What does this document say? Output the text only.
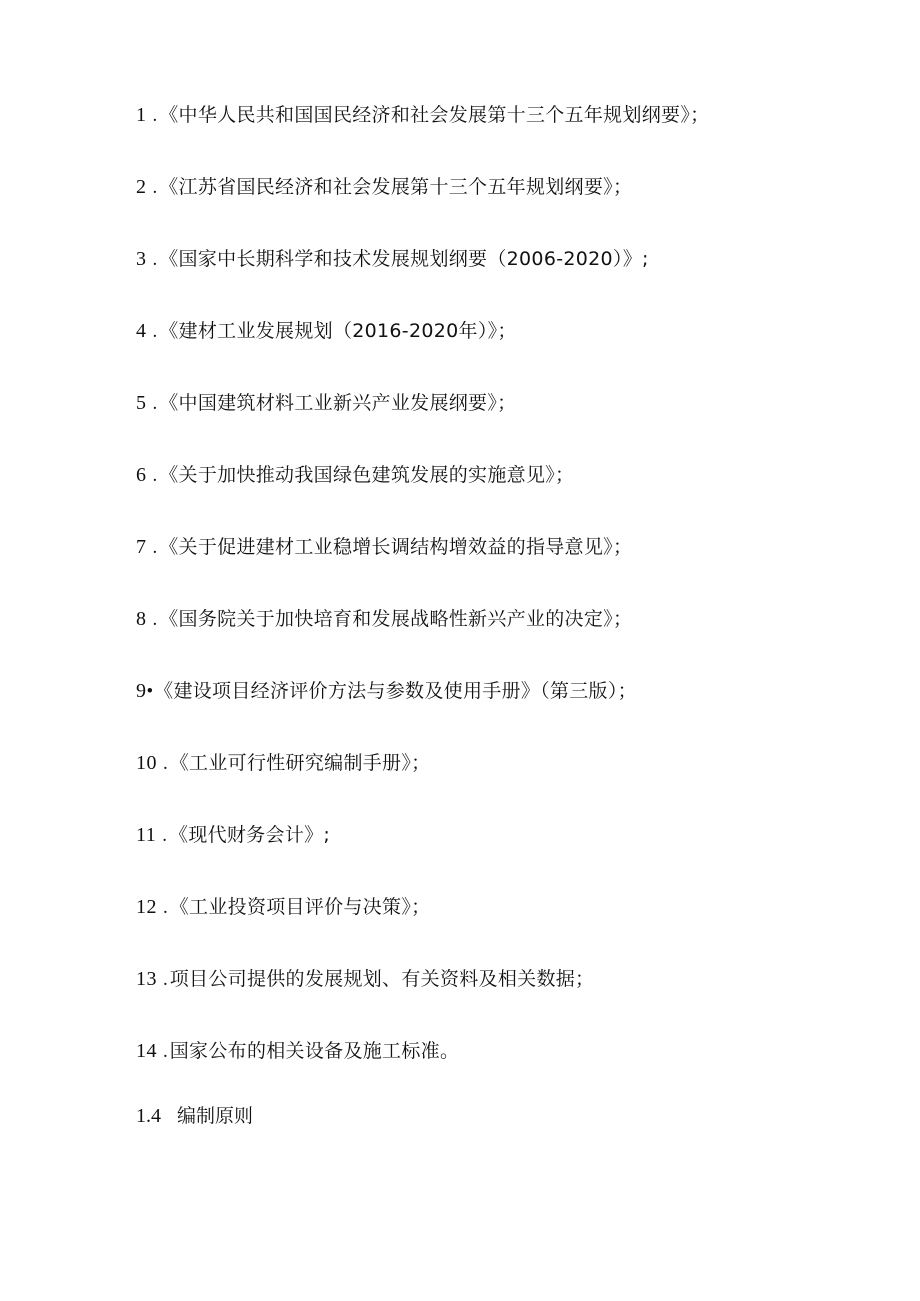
1 . 《中华人民共和国国民经济和社会发展第十三个五年规划纲要》；
2 . 《江苏省国民经济和社会发展第十三个五年规划纲要》；
3 . 《国家中长期科学和技术发展规划纲要（2006-2020）》;
4 . 《建材工业发展规划（2016-2020年）》；
5 . 《中国建筑材料工业新兴产业发展纲要》；
6 . 《关于加快推动我国绿色建筑发展的实施意见》；
7 . 《关于促进建材工业稳增长调结构增效益的指导意见》；
8 . 《国务院关于加快培育和发展战略性新兴产业的决定》；
9•《建设项目经济评价方法与参数及使用手册》（第三版）；
10 . 《工业可行性研究编制手册》；
11 . 《现代财务会计》;
12 . 《工业投资项目评价与决策》；
13 . 项目公司提供的发展规划、有关资料及相关数据；
14 . 国家公布的相关设备及施工标准。
1.4 编制原则
